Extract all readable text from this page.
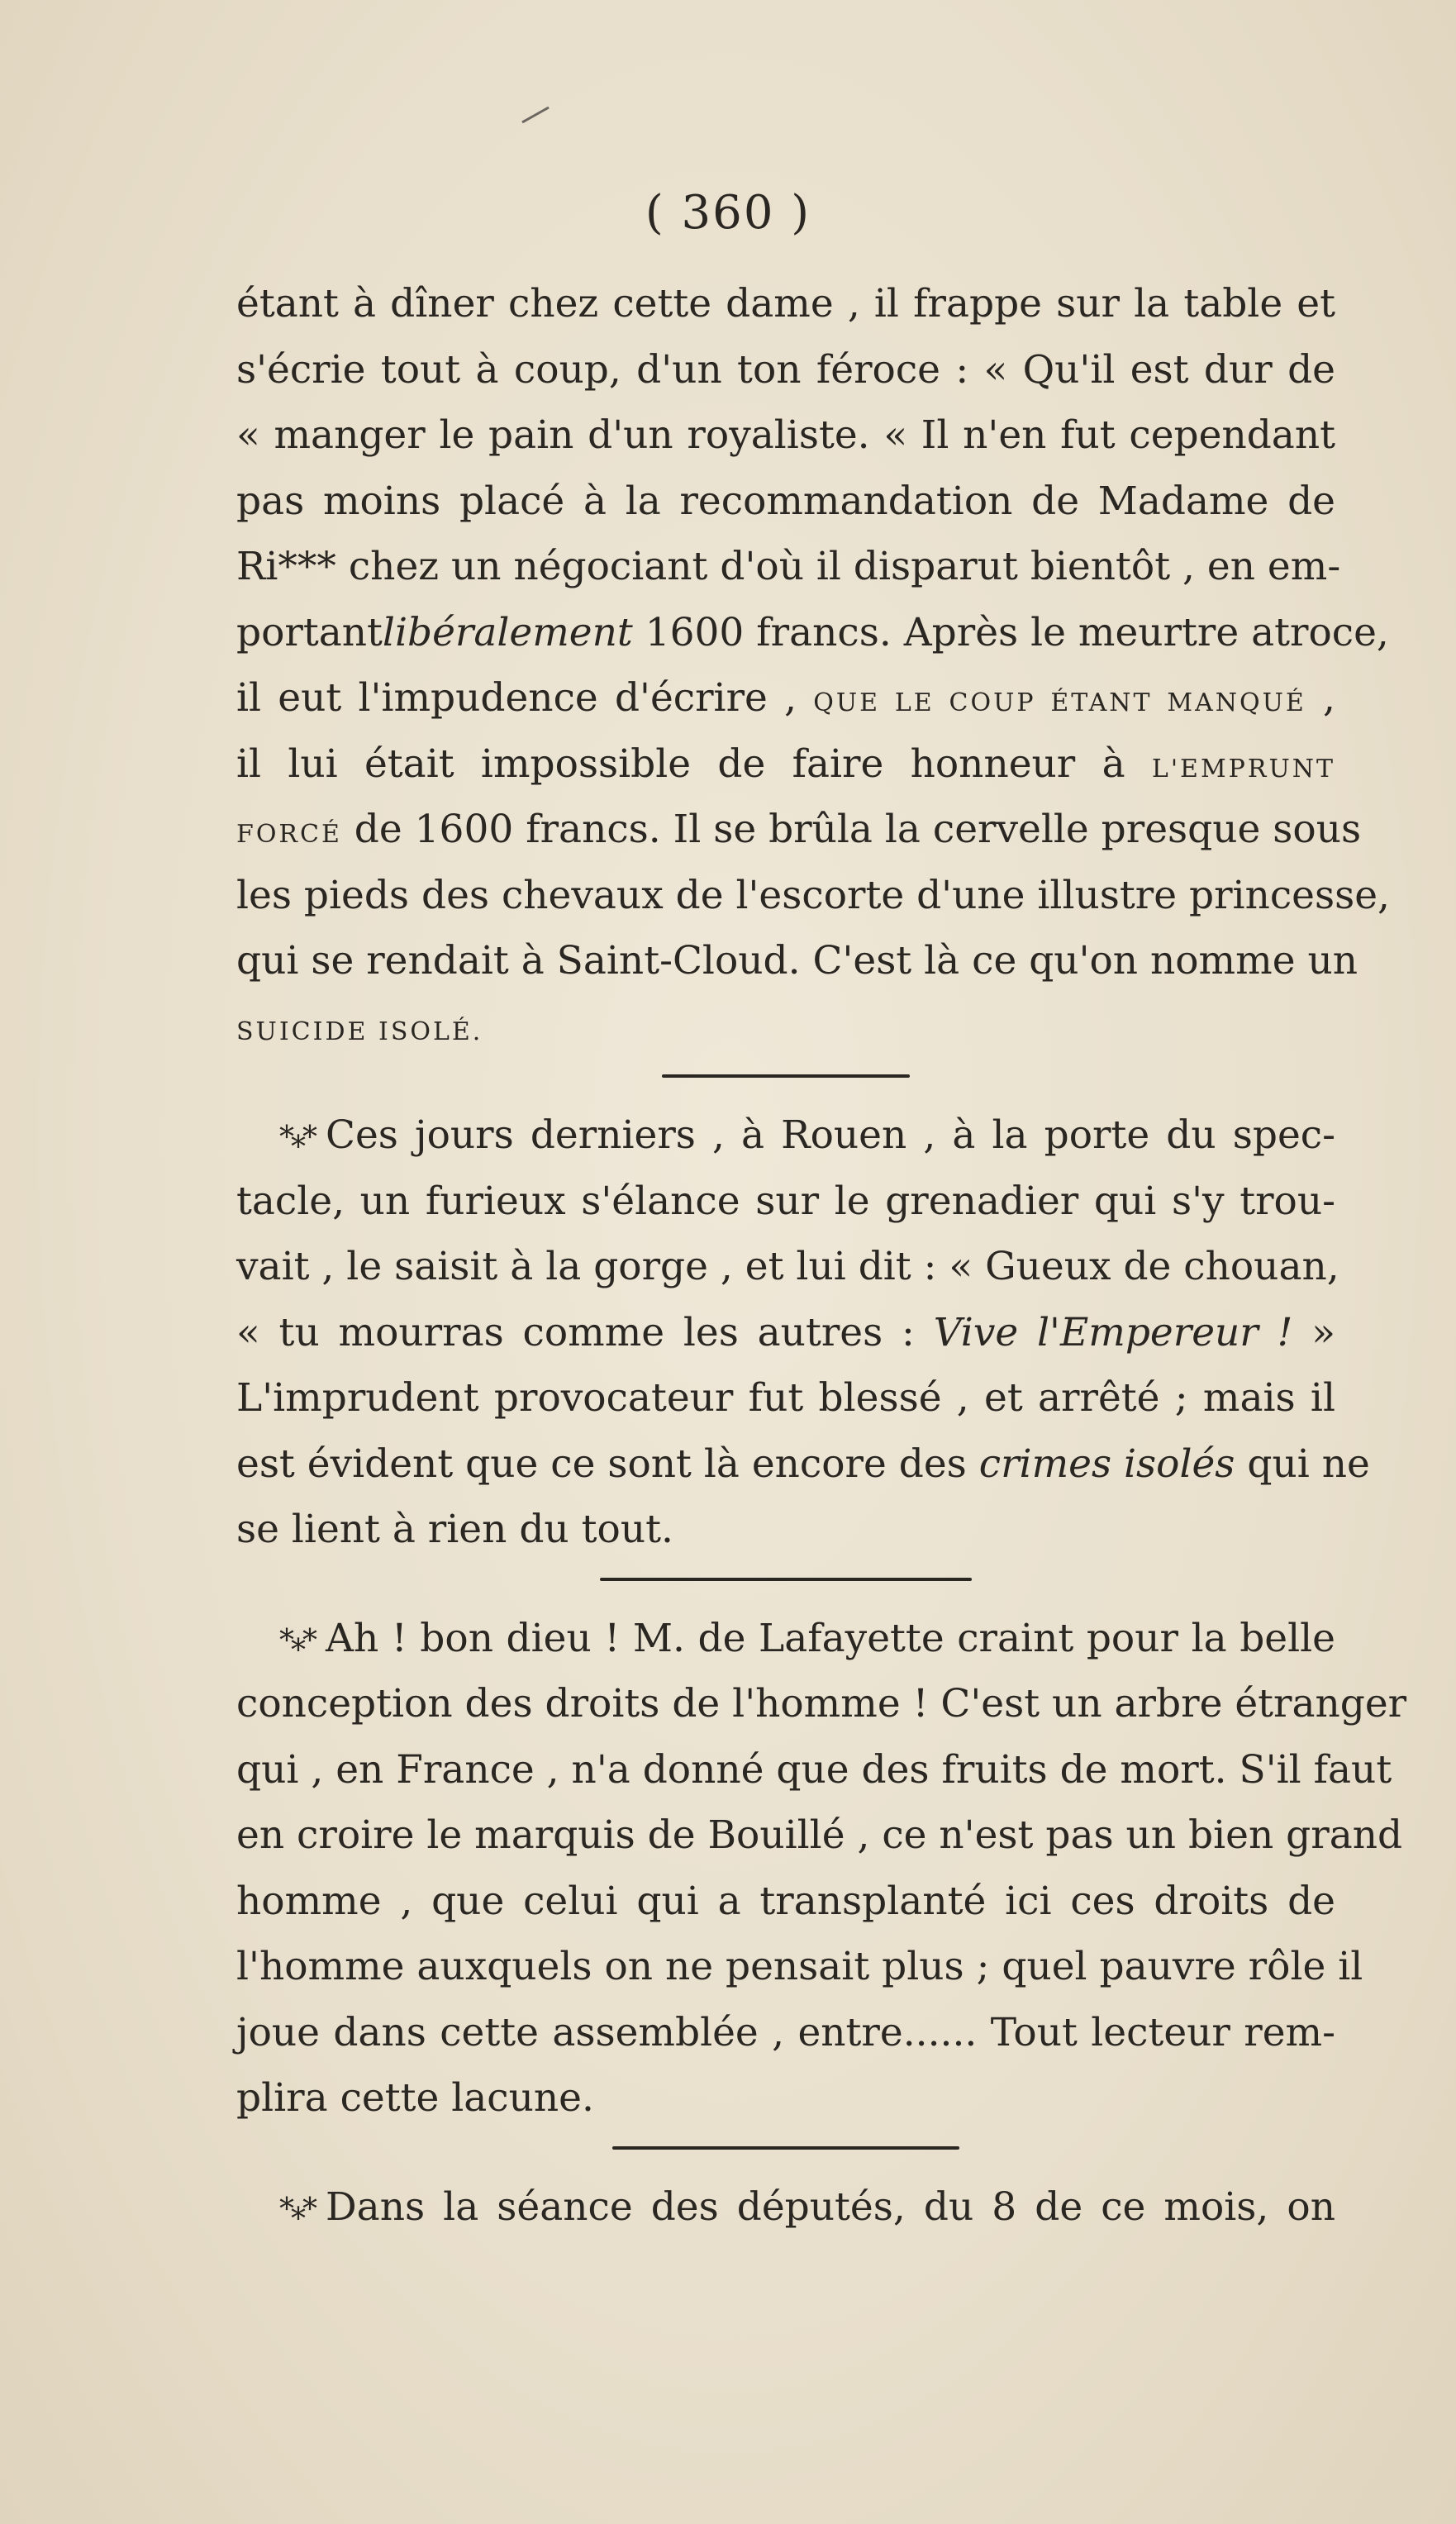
( 360 )
étant à dîner chez cette dame , il frappe sur la table et
s'écrie tout à coup, d'un ton féroce : « Qu'il est dur de
« manger le pain d'un royaliste. « Il n'en fut cependant
pas moins placé à la recommandation de Madame de
Ri*** chez un négociant d'où il disparut bientôt , en em-
portantlibéralement 1600 francs. Après le meurtre atroce,
il eut l'impudence d'écrire , QUE LE COUP ÉTANT MANQUÉ ,
il lui était impossible de faire honneur à L'EMPRUNT
FORCÉ de 1600 francs. Il se brûla la cervelle presque sous
les pieds des chevaux de l'escorte d'une illustre princesse,
qui se rendait à Saint-Cloud. C'est là ce qu'on nomme un
SUICIDE ISOLÉ.
*⁎* Ces jours derniers , à Rouen , à la porte du spec-
tacle, un furieux s'élance sur le grenadier qui s'y trou-
vait , le saisit à la gorge , et lui dit : « Gueux de chouan,
« tu mourras comme les autres : Vive l'Empereur ! »
L'imprudent provocateur fut blessé , et arrêté ; mais il
est évident que ce sont là encore des crimes isolés qui ne
se lient à rien du tout.
*⁎* Ah ! bon dieu ! M. de Lafayette craint pour la belle
conception des droits de l'homme ! C'est un arbre étranger
qui , en France , n'a donné que des fruits de mort. S'il faut
en croire le marquis de Bouillé , ce n'est pas un bien grand
homme , que celui qui a transplanté ici ces droits de
l'homme auxquels on ne pensait plus ; quel pauvre rôle il
joue dans cette assemblée , entre...... Tout lecteur rem-
plira cette lacune.
*⁎* Dans la séance des députés, du 8 de ce mois, on
